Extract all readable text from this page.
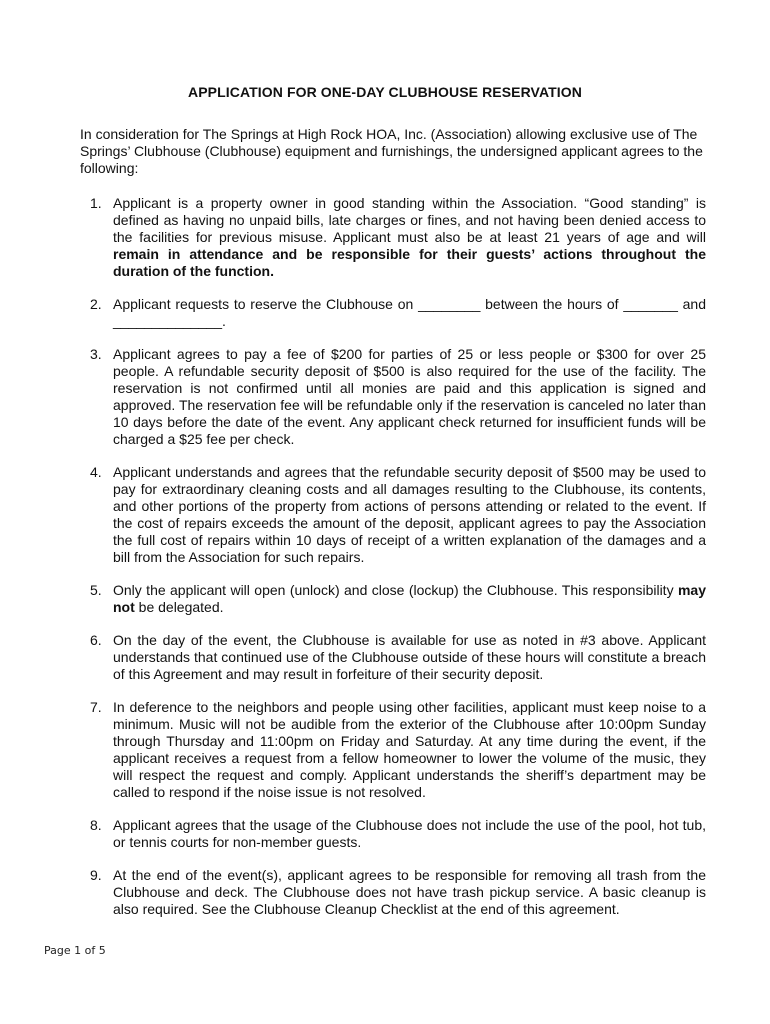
APPLICATION FOR ONE-DAY CLUBHOUSE RESERVATION
In consideration for The Springs at High Rock HOA, Inc. (Association) allowing exclusive use of The Springs’ Clubhouse (Clubhouse) equipment and furnishings, the undersigned applicant agrees to the following:
1. Applicant is a property owner in good standing within the Association. “Good standing” is defined as having no unpaid bills, late charges or fines, and not having been denied access to the facilities for previous misuse. Applicant must also be at least 21 years of age and will remain in attendance and be responsible for their guests’ actions throughout the duration of the function.
2. Applicant requests to reserve the Clubhouse on ________ between the hours of _______ and ______________.
3. Applicant agrees to pay a fee of $200 for parties of 25 or less people or $300 for over 25 people. A refundable security deposit of $500 is also required for the use of the facility. The reservation is not confirmed until all monies are paid and this application is signed and approved. The reservation fee will be refundable only if the reservation is canceled no later than 10 days before the date of the event. Any applicant check returned for insufficient funds will be charged a $25 fee per check.
4. Applicant understands and agrees that the refundable security deposit of $500 may be used to pay for extraordinary cleaning costs and all damages resulting to the Clubhouse, its contents, and other portions of the property from actions of persons attending or related to the event. If the cost of repairs exceeds the amount of the deposit, applicant agrees to pay the Association the full cost of repairs within 10 days of receipt of a written explanation of the damages and a bill from the Association for such repairs.
5. Only the applicant will open (unlock) and close (lockup) the Clubhouse. This responsibility may not be delegated.
6. On the day of the event, the Clubhouse is available for use as noted in #3 above. Applicant understands that continued use of the Clubhouse outside of these hours will constitute a breach of this Agreement and may result in forfeiture of their security deposit.
7. In deference to the neighbors and people using other facilities, applicant must keep noise to a minimum. Music will not be audible from the exterior of the Clubhouse after 10:00pm Sunday through Thursday and 11:00pm on Friday and Saturday. At any time during the event, if the applicant receives a request from a fellow homeowner to lower the volume of the music, they will respect the request and comply. Applicant understands the sheriff’s department may be called to respond if the noise issue is not resolved.
8. Applicant agrees that the usage of the Clubhouse does not include the use of the pool, hot tub, or tennis courts for non-member guests.
9. At the end of the event(s), applicant agrees to be responsible for removing all trash from the Clubhouse and deck. The Clubhouse does not have trash pickup service. A basic cleanup is also required. See the Clubhouse Cleanup Checklist at the end of this agreement.
Page 1 of 5
